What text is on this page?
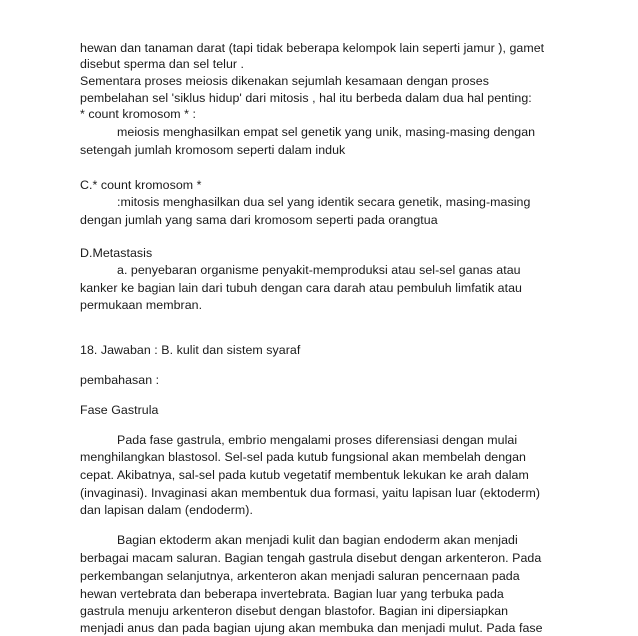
hewan dan tanaman darat (tapi tidak beberapa kelompok lain seperti jamur ), gamet
disebut sperma dan sel telur .
Sementara proses meiosis dikenakan sejumlah kesamaan dengan proses
pembelahan sel 'siklus hidup' dari mitosis , hal itu berbeda dalam dua hal penting:
* count kromosom * :
meiosis menghasilkan empat sel genetik yang unik, masing-masing dengan
setengah jumlah kromosom seperti dalam induk
C.* count kromosom *
:mitosis menghasilkan dua sel yang identik secara genetik, masing-masing
dengan jumlah yang sama dari kromosom seperti pada orangtua
D.Metastasis
a. penyebaran organisme penyakit-memproduksi atau sel-sel ganas atau
kanker ke bagian lain dari tubuh dengan cara darah atau pembuluh limfatik atau
permukaan membran.
18. Jawaban : B. kulit dan sistem syaraf
pembahasan :
Fase Gastrula
Pada fase gastrula, embrio mengalami proses diferensiasi dengan mulai
menghilangkan blastosol. Sel-sel pada kutub fungsional akan membelah dengan
cepat. Akibatnya, sal-sel pada kutub vegetatif membentuk lekukan ke arah dalam
(invaginasi). Invaginasi akan membentuk dua formasi, yaitu lapisan luar (ektoderm)
dan lapisan dalam (endoderm).
Bagian ektoderm akan menjadi kulit dan bagian endoderm akan menjadi
berbagai macam saluran. Bagian tengah gastrula disebut dengan arkenteron. Pada
perkembangan selanjutnya, arkenteron akan menjadi saluran pencernaan pada
hewan vertebrata dan beberapa invertebrata. Bagian luar yang terbuka pada
gastrula menuju arkenteron disebut dengan blastofor. Bagian ini dipersiapkan
menjadi anus dan pada bagian ujung akan membuka dan menjadi mulut. Pada fase
